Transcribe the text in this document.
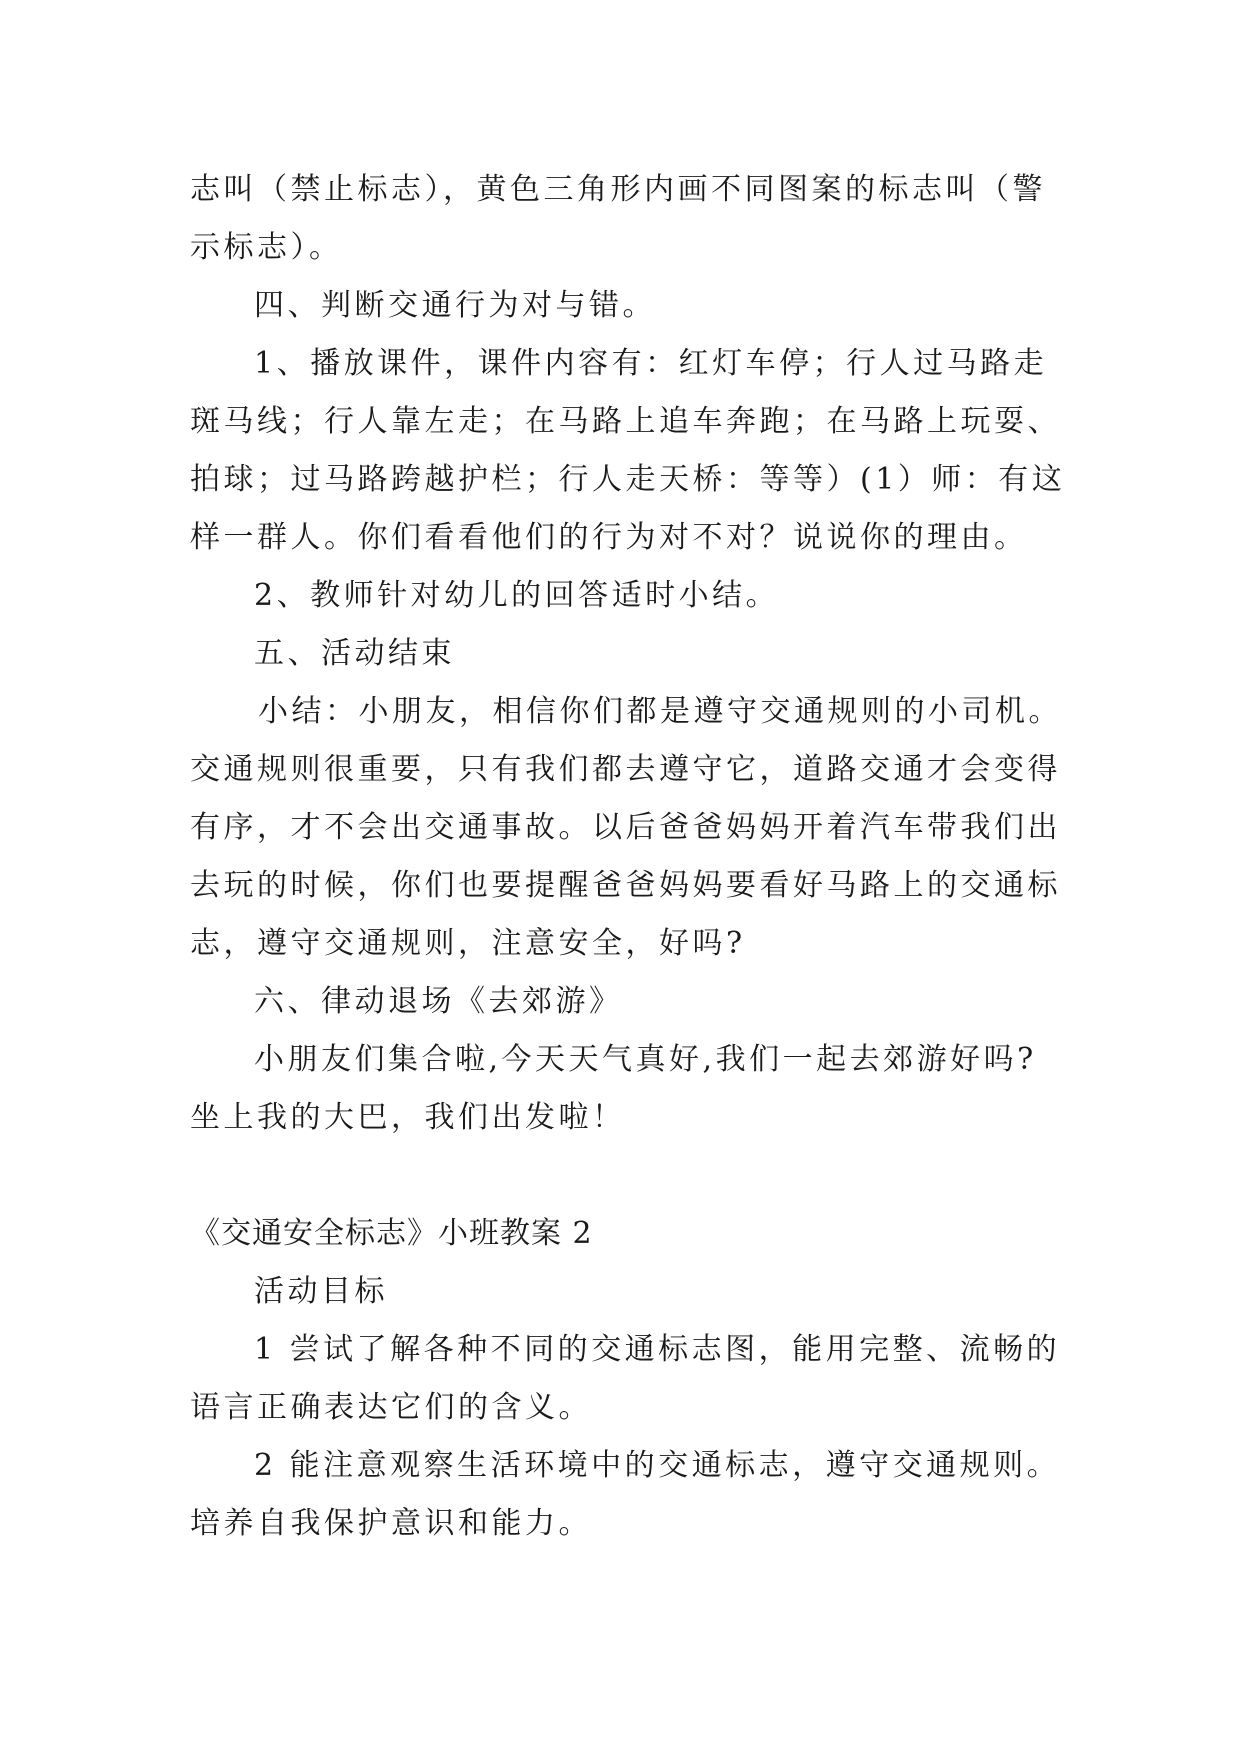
志叫（禁止标志），黄色三角形内画不同图案的标志叫（警示标志）。

四、判断交通行为对与错。

1、播放课件，课件内容有：红灯车停；行人过马路走斑马线；行人靠左走；在马路上追车奔跑；在马路上玩耍、拍球；过马路跨越护栏；行人走天桥：等等）(1）师：有这样一群人。你们看看他们的行为对不对？说说你的理由。

2、教师针对幼儿的回答适时小结。

五、活动结束

小结：小朋友，相信你们都是遵守交通规则的小司机。交通规则很重要，只有我们都去遵守它，道路交通才会变得有序，才不会出交通事故。以后爸爸妈妈开着汽车带我们出去玩的时候，你们也要提醒爸爸妈妈要看好马路上的交通标志，遵守交通规则，注意安全，好吗?

六、律动退场《去郊游》

小朋友们集合啦,今天天气真好,我们一起去郊游好吗?坐上我的大巴，我们出发啦！

《交通安全标志》小班教案 2

活动目标

1 尝试了解各种不同的交通标志图，能用完整、流畅的语言正确表达它们的含义。

2 能注意观察生活环境中的交通标志，遵守交通规则。培养自我保护意识和能力。
